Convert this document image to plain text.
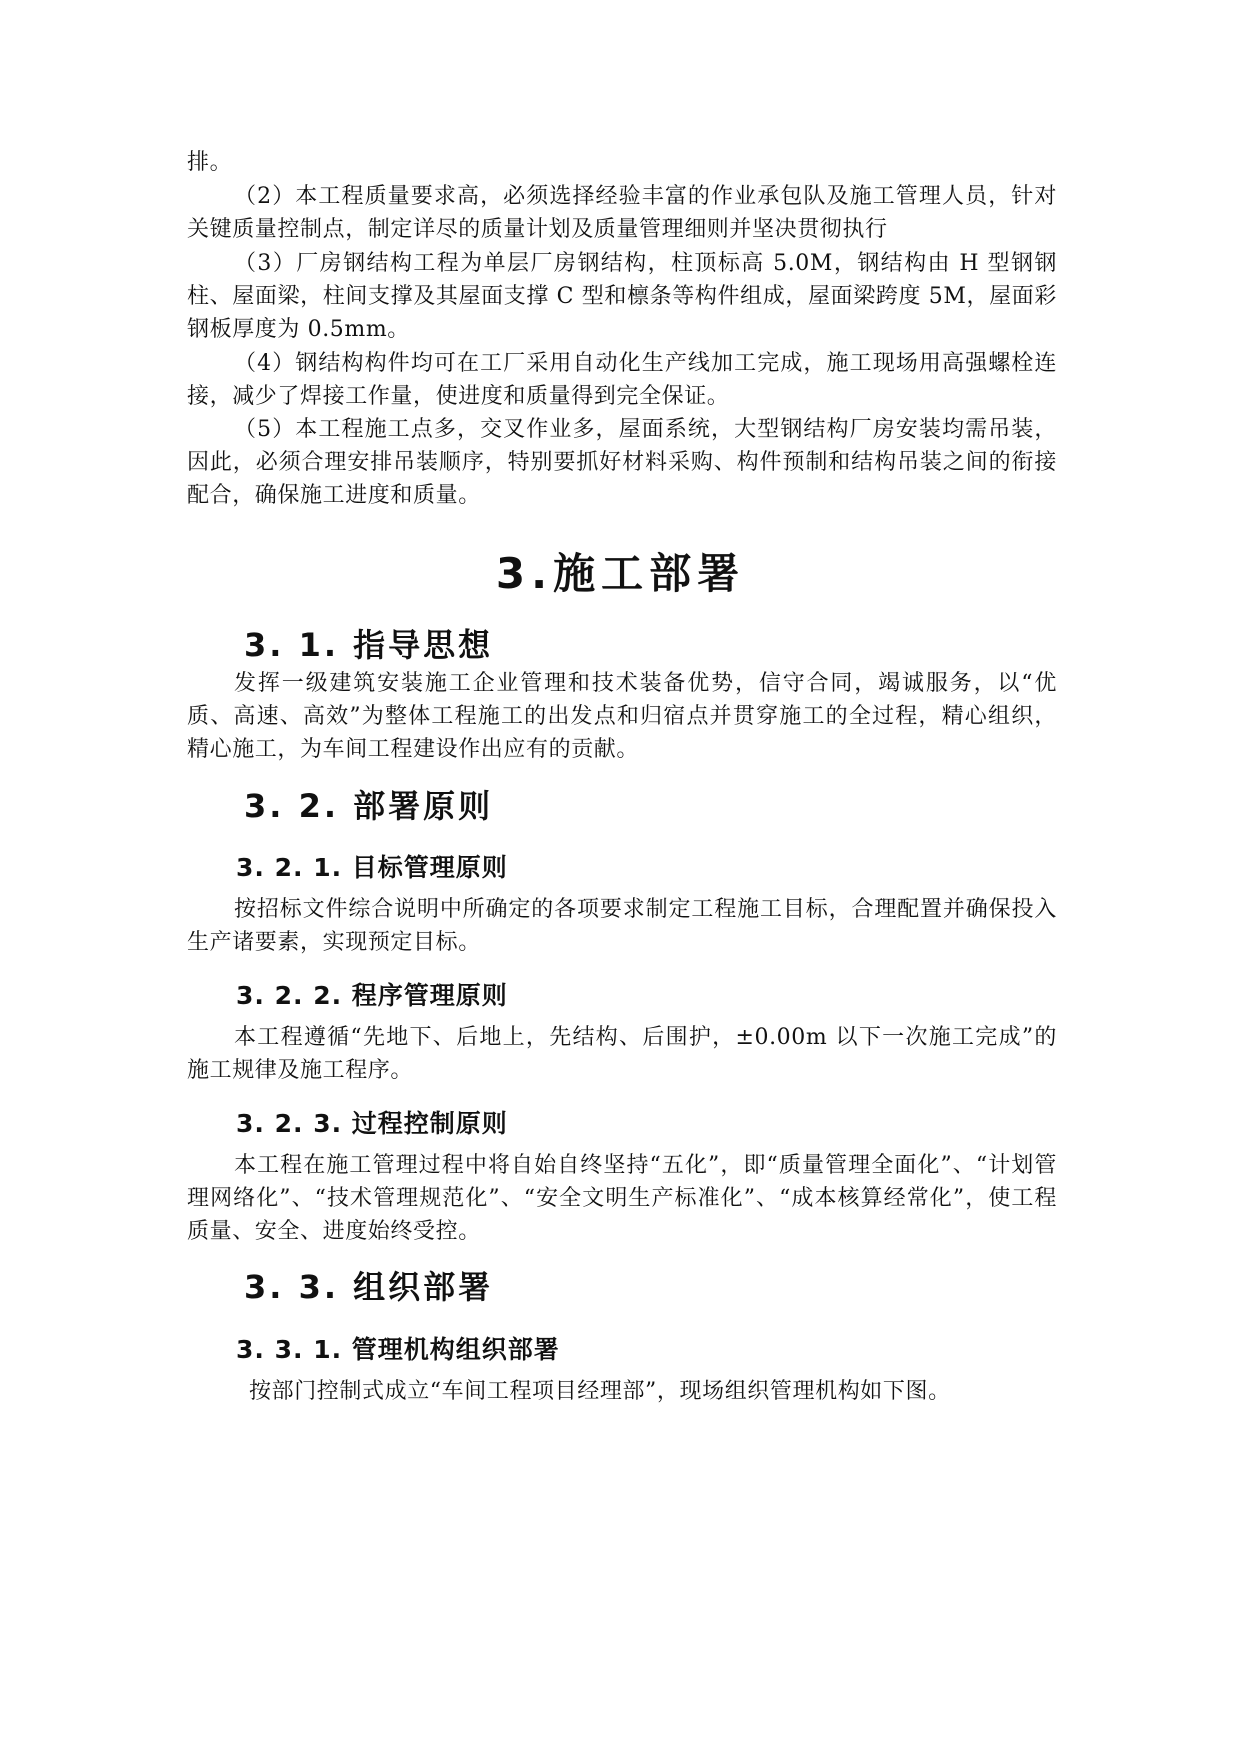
排。

（2）本工程质量要求高，必须选择经验丰富的作业承包队及施工管理人员，针对关键质量控制点，制定详尽的质量计划及质量管理细则并坚决贯彻执行

（3）厂房钢结构工程为单层厂房钢结构，柱顶标高 5.0M，钢结构由 H 型钢钢柱、屋面梁，柱间支撑及其屋面支撑 C 型和檩条等构件组成，屋面梁跨度 5M，屋面彩钢板厚度为 0.5mm。

（4）钢结构构件均可在工厂采用自动化生产线加工完成，施工现场用高强螺栓连接，减少了焊接工作量，使进度和质量得到完全保证。

（5）本工程施工点多，交叉作业多，屋面系统，大型钢结构厂房安装均需吊装，因此，必须合理安排吊装顺序，特别要抓好材料采购、构件预制和结构吊装之间的衔接配合，确保施工进度和质量。

3.施工部署
3. 1. 指导思想

发挥一级建筑安装施工企业管理和技术装备优势，信守合同，竭诚服务，以“优质、高速、高效”为整体工程施工的出发点和归宿点并贯穿施工的全过程，精心组织，精心施工，为车间工程建设作出应有的贡献。

3. 2. 部署原则
3. 2. 1. 目标管理原则

按招标文件综合说明中所确定的各项要求制定工程施工目标，合理配置并确保投入生产诸要素，实现预定目标。

3. 2. 2. 程序管理原则

本工程遵循“先地下、后地上，先结构、后围护，±0.00m 以下一次施工完成”的施工规律及施工程序。

3. 2. 3. 过程控制原则

本工程在施工管理过程中将自始自终坚持“五化”，即“质量管理全面化”、“计划管理网络化”、“技术管理规范化”、“安全文明生产标准化”、“成本核算经常化”，使工程质量、安全、进度始终受控。

3. 3. 组织部署
3. 3. 1. 管理机构组织部署

按部门控制式成立“车间工程项目经理部”，现场组织管理机构如下图。
